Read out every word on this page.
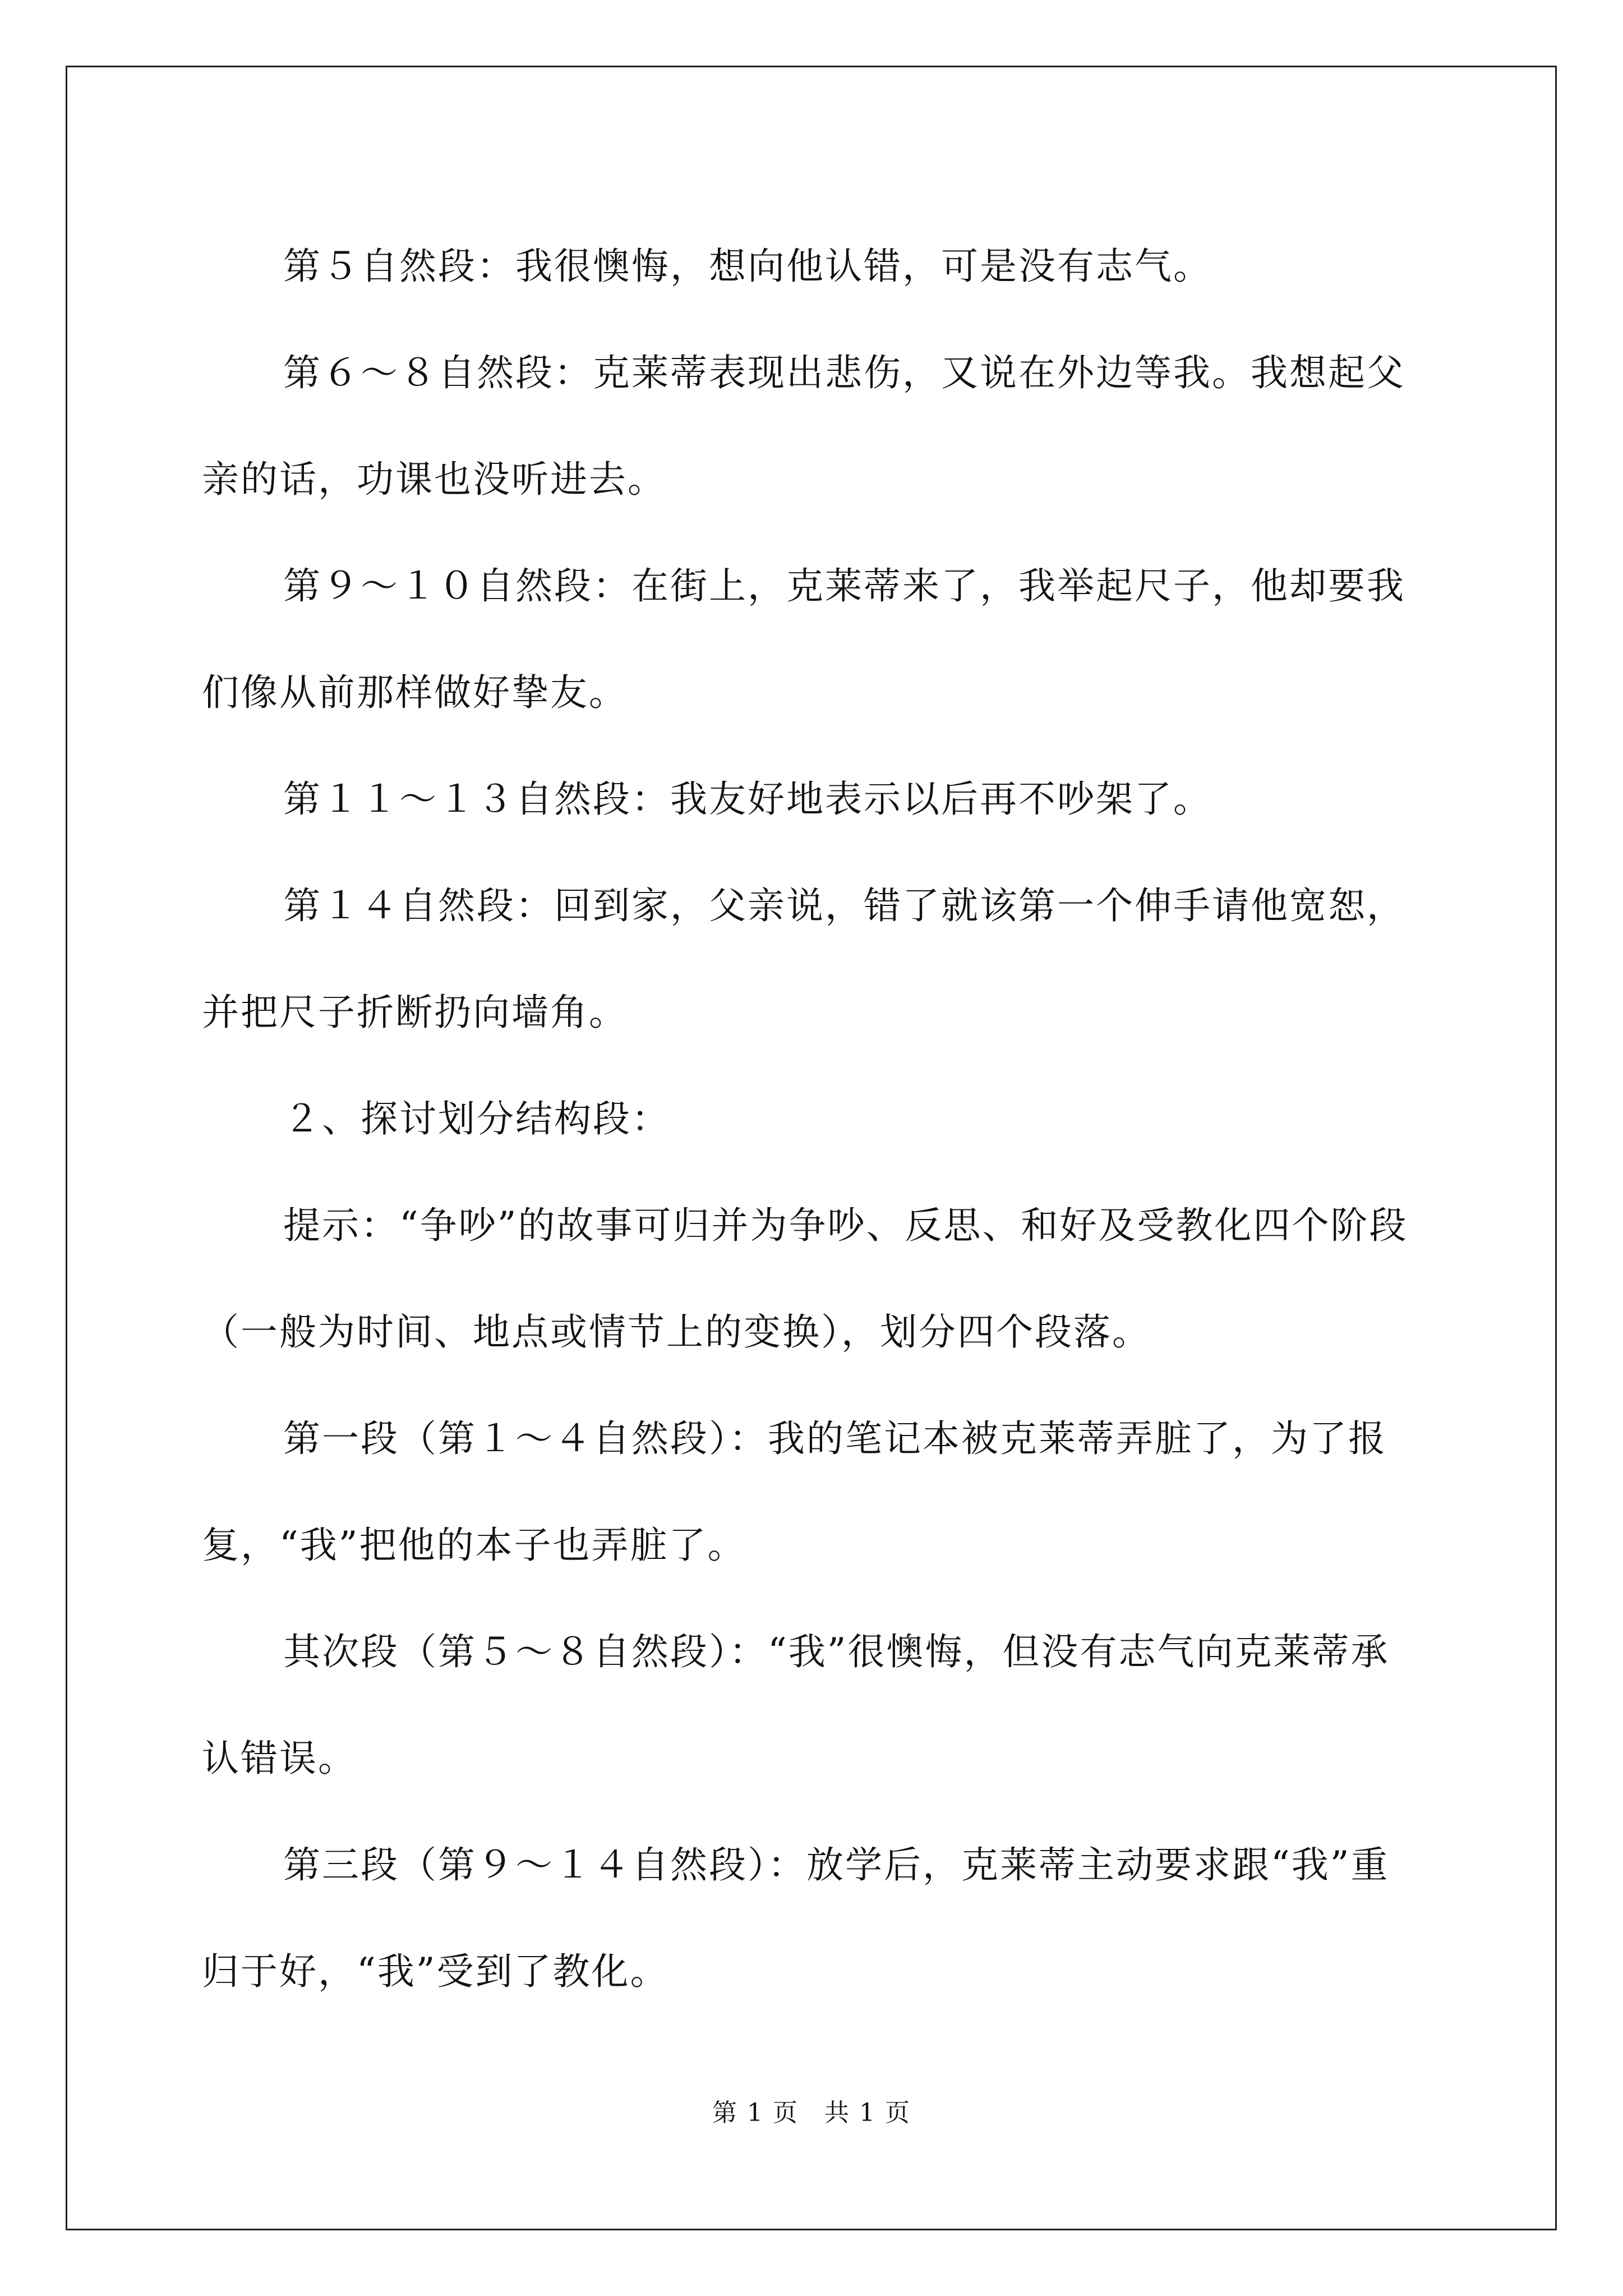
第５自然段：我很懊悔，想向他认错，可是没有志气。

第６～８自然段：克莱蒂表现出悲伤，又说在外边等我。我想起父亲的话，功课也没听进去。

第９～１０自然段：在街上，克莱蒂来了，我举起尺子，他却要我们像从前那样做好挚友。

第１１～１３自然段：我友好地表示以后再不吵架了。

第１４自然段：回到家，父亲说，错了就该第一个伸手请他宽恕，并把尺子折断扔向墙角。

２、探讨划分结构段：

提示：“争吵”的故事可归并为争吵、反思、和好及受教化四个阶段（一般为时间、地点或情节上的变换），划分四个段落。

第一段（第１～４自然段）：我的笔记本被克莱蒂弄脏了，为了报复，“我”把他的本子也弄脏了。

其次段（第５～８自然段）：“我”很懊悔，但没有志气向克莱蒂承认错误。

第三段（第９～１４自然段）：放学后，克莱蒂主动要求跟“我”重归于好，“我”受到了教化。

第 1 页　共 1 页
